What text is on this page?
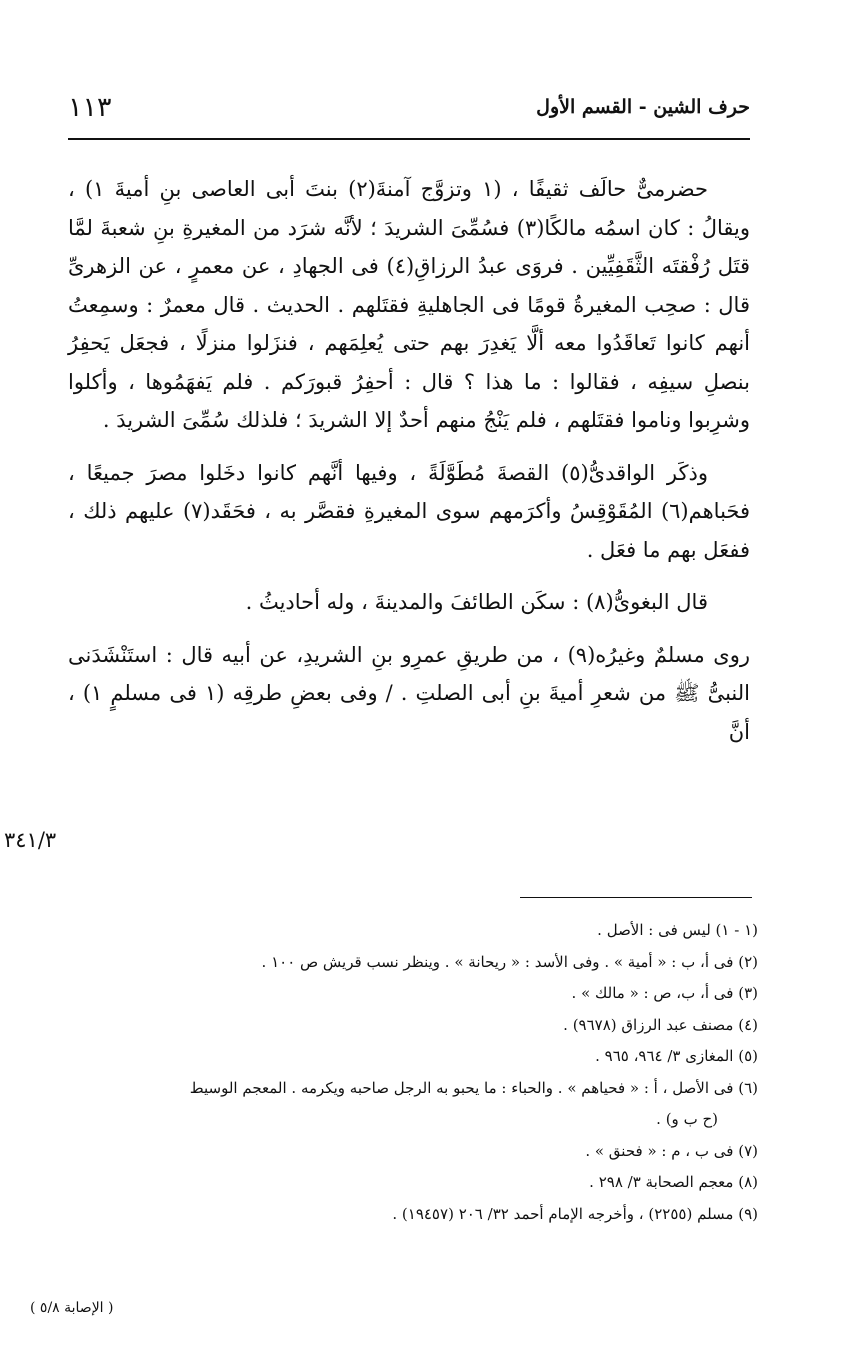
حرف الشين - القسم الأول
١١٣

حضرمىٌّ حالَف ثقيفًا ، (١ وتزوَّج آمنةَ(٢) بنتَ أبى العاصى بنِ أميةَ ١) ، ويقالُ : كان اسمُه مالكًا(٣) فسُمِّىَ الشريدَ ؛ لأنَّه شرَد من المغيرةِ بنِ شعبةَ لمَّا قتَل رُفْقتَه الثَّقَفِيِّين . فروَى عبدُ الرزاقِ(٤) فى الجهادِ ، عن معمرٍ ، عن الزهرىِّ قال : صحِب المغيرةُ قومًا فى الجاهليةِ فقتَلهم . الحديث . قال معمرٌ : وسمِعتُ أنهم كانوا تَعاقَدُوا معه ألَّا يَغدِرَ بهم حتى يُعلِمَهم ، فنزَلوا منزلًا ، فجعَل يَحفِرُ بنصلِ سيفِه ، فقالوا : ما هذا ؟ قال : أحفِرُ قبورَكم . فلم يَفهَمُوها ، وأكلوا وشرِبوا وناموا فقتَلهم ، فلم يَنْجُ منهم أحدٌ إلا الشريدَ ؛ فلذلك سُمِّىَ الشريدَ .

وذكَر الواقدىُّ(٥) القصةَ مُطَوَّلَةً ، وفيها أنَّهم كانوا دخَلوا مصرَ جميعًا ، فحَباهم(٦) المُقَوْقِسُ وأكرَمهم سوى المغيرةِ فقصَّر به ، فحَقَد(٧) عليهم ذلك ، ففعَل بهم ما فعَل .

قال البغوىُّ(٨) : سكَن الطائفَ والمدينةَ ، وله أحاديثُ .

روى مسلمٌ وغيرُه(٩) ، من طريقِ عمرِو بنِ الشريدِ، عن أبيه قال : استَنْشَدَنى النبىُّ ﷺ من شعرِ أميةَ بنِ أبى الصلتِ . / وفى بعضِ طرقِه (١ فى مسلمٍ ١) ، أنَّ

٣٤١/٣

(١ - ١) ليس فى : الأصل .

(٢) فى أ، ب : « أمية » . وفى الأسد : « ريحانة » . وينظر نسب قريش ص ١٠٠ .

(٣) فى أ، ب، ص : « مالك » .

(٤) مصنف عبد الرزاق (٩٦٧٨) .

(٥) المغازى ٣/ ٩٦٤، ٩٦٥ .

(٦) فى الأصل ، أ : « فحياهم » . والحباء : ما يحبو به الرجل صاحبه ويكرمه . المعجم الوسيط

(ح ب و) .

(٧) فى ب ، م : « فحنق » .

(٨) معجم الصحابة ٣/ ٢٩٨ .

(٩) مسلم (٢٢٥٥) ، وأخرجه الإمام أحمد ٣٢/ ٢٠٦ (١٩٤٥٧) .

( الإصابة ٥/٨ )
